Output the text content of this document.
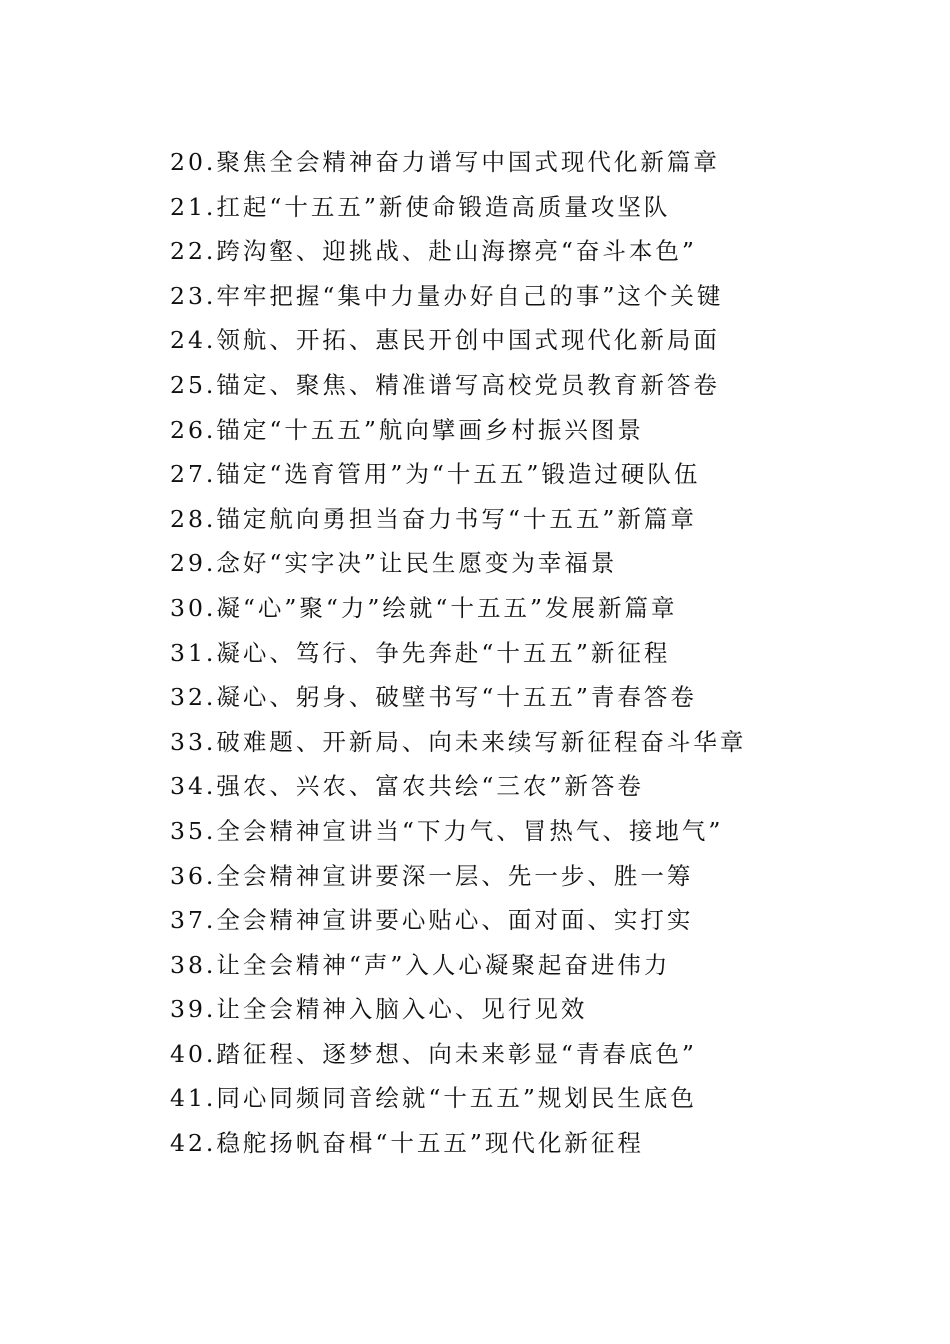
20.聚焦全会精神奋力谱写中国式现代化新篇章
21.扛起“十五五”新使命锻造高质量攻坚队
22.跨沟壑、迎挑战、赴山海擦亮“奋斗本色”
23.牢牢把握“集中力量办好自己的事”这个关键
24.领航、开拓、惠民开创中国式现代化新局面
25.锚定、聚焦、精准谱写高校党员教育新答卷
26.锚定“十五五”航向擘画乡村振兴图景
27.锚定“选育管用”为“十五五”锻造过硬队伍
28.锚定航向勇担当奋力书写“十五五”新篇章
29.念好“实字决”让民生愿变为幸福景
30.凝“心”聚“力”绘就“十五五”发展新篇章
31.凝心、笃行、争先奔赴“十五五”新征程
32.凝心、躬身、破壁书写“十五五”青春答卷
33.破难题、开新局、向未来续写新征程奋斗华章
34.强农、兴农、富农共绘“三农”新答卷
35.全会精神宣讲当“下力气、冒热气、接地气”
36.全会精神宣讲要深一层、先一步、胜一筹
37.全会精神宣讲要心贴心、面对面、实打实
38.让全会精神“声”入人心凝聚起奋进伟力
39.让全会精神入脑入心、见行见效
40.踏征程、逐梦想、向未来彰显“青春底色”
41.同心同频同音绘就“十五五”规划民生底色
42.稳舵扬帆奋楫“十五五”现代化新征程
